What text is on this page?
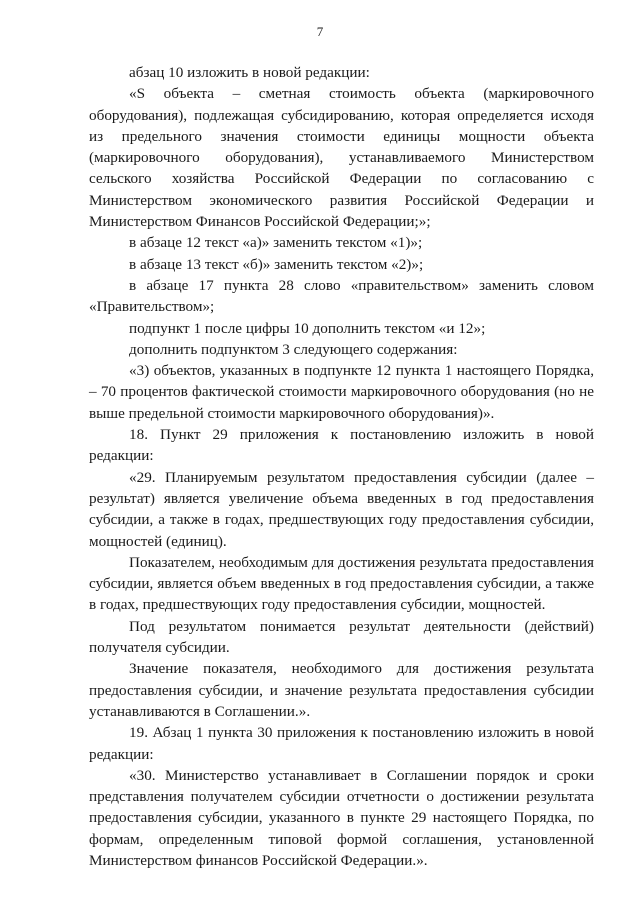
7

абзац 10 изложить в новой редакции:

«S объекта – сметная стоимость объекта (маркировочного оборудования), подлежащая субсидированию, которая определяется исходя из предельного значения стоимости единицы мощности объекта (маркировочного оборудования), устанавливаемого Министерством сельского хозяйства Российской Федерации по согласованию с Министерством экономического развития Российской Федерации и Министерством Финансов Российской Федерации;»;

в абзаце 12 текст «а)» заменить текстом «1)»;

в абзаце 13 текст «б)» заменить текстом «2)»;

в абзаце 17 пункта 28 слово «правительством» заменить словом «Правительством»;

подпункт 1 после цифры 10 дополнить текстом «и 12»;

дополнить подпунктом 3 следующего содержания:

«3) объектов, указанных в подпункте 12 пункта 1 настоящего Порядка, – 70 процентов фактической стоимости маркировочного оборудования (но не выше предельной стоимости маркировочного оборудования)».

18. Пункт 29 приложения к постановлению изложить в новой редакции:

«29. Планируемым результатом предоставления субсидии (далее – результат) является увеличение объема введенных в год предоставления субсидии, а также в годах, предшествующих году предоставления субсидии, мощностей (единиц).

Показателем, необходимым для достижения результата предоставления субсидии, является объем введенных в год предоставления субсидии, а также в годах, предшествующих году предоставления субсидии, мощностей.

Под результатом понимается результат деятельности (действий) получателя субсидии.

Значение показателя, необходимого для достижения результата предоставления субсидии, и значение результата предоставления субсидии устанавливаются в Соглашении.».

19. Абзац 1 пункта 30 приложения к постановлению изложить в новой редакции:

«30. Министерство устанавливает в Соглашении порядок и сроки представления получателем субсидии отчетности о достижении результата предоставления субсидии, указанного в пункте 29 настоящего Порядка, по формам, определенным типовой формой соглашения, установленной Министерством финансов Российской Федерации.».
